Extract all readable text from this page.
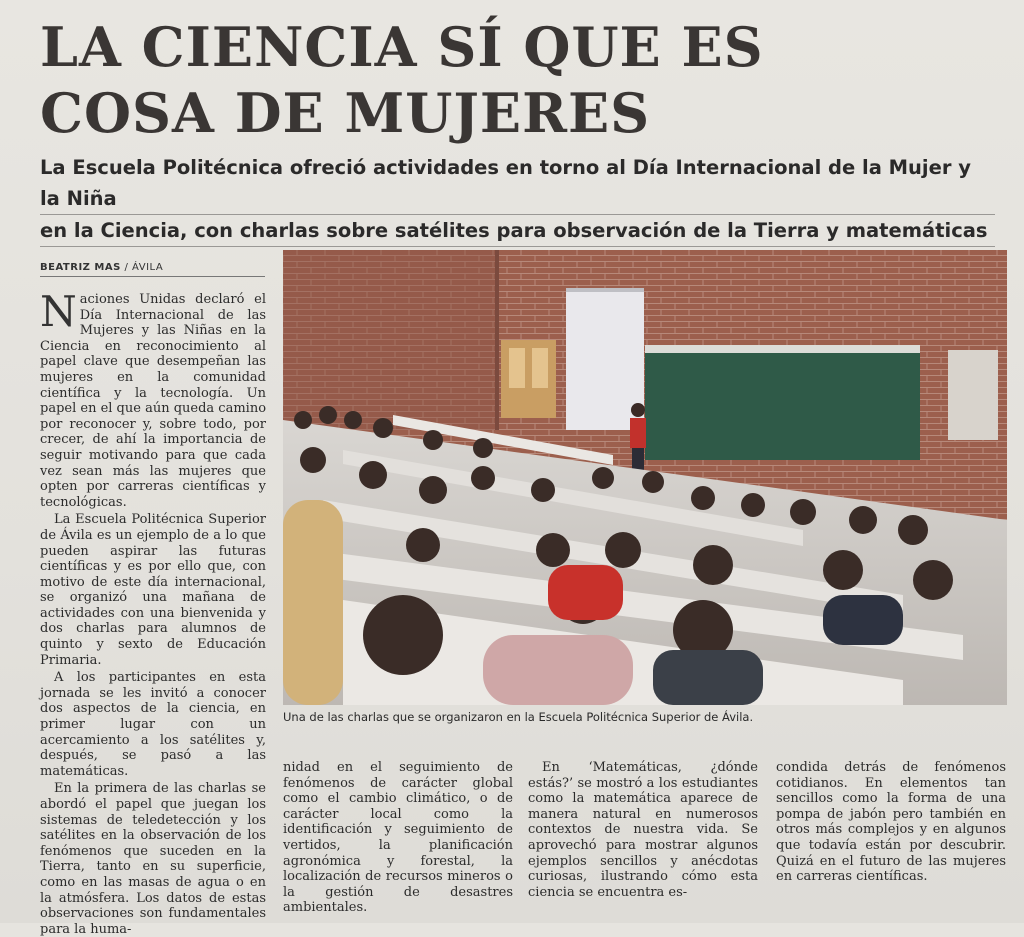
LA CIENCIA SÍ QUE ES
COSA DE MUJERES
La Escuela Politécnica ofreció actividades en torno al Día Internacional de la Mujer y la Niña
en la Ciencia, con charlas sobre satélites para observación de la Tierra y matemáticas
BEATRIZ MAS / ÁVILA

Naciones Unidas declaró el Día Internacional de las Mujeres y las Niñas en la Ciencia en reconocimiento al papel clave que desempeñan las mujeres en la comunidad científica y la tecnología. Un papel en el que aún queda camino por reconocer y, sobre todo, por crecer, de ahí la importancia de seguir motivando para que cada vez sean más las mujeres que opten por carreras científicas y tecnológicas.

La Escuela Politécnica Superior de Ávila es un ejemplo de a lo que pueden aspirar las futuras científicas y es por ello que, con motivo de este día internacional, se organizó una mañana de actividades con una bienvenida y dos charlas para alumnos de quinto y sexto de Educación Primaria.

A los participantes en esta jornada se les invitó a conocer dos aspectos de la ciencia, en primer lugar con un acercamiento a los satélites y, después, se pasó a las matemáticas.

En la primera de las charlas se abordó el papel que juegan los sistemas de teledetección y los satélites en la observación de los fenómenos que suceden en la Tierra, tanto en su superficie, como en las masas de agua o en la atmósfera. Los datos de estas observaciones son fundamentales para la huma-

Una de las charlas que se organizaron en la Escuela Politécnica Superior de Ávila.

nidad en el seguimiento de fenómenos de carácter global como el cambio climático, o de carácter local como la identificación y seguimiento de vertidos, la planificación agronómica y forestal, la localización de recursos mineros o la gestión de desastres ambientales.

En ‘Matemáticas, ¿dónde estás?’ se mostró a los estudiantes como la matemática aparece de manera natural en numerosos contextos de nuestra vida. Se aprovechó para mostrar algunos ejemplos sencillos y anécdotas curiosas, ilustrando cómo esta ciencia se encuentra es-

condida detrás de fenómenos cotidianos. En elementos tan sencillos como la forma de una pompa de jabón pero también en otros más complejos y en algunos que todavía están por descubrir. Quizá en el futuro de las mujeres en carreras científicas.
